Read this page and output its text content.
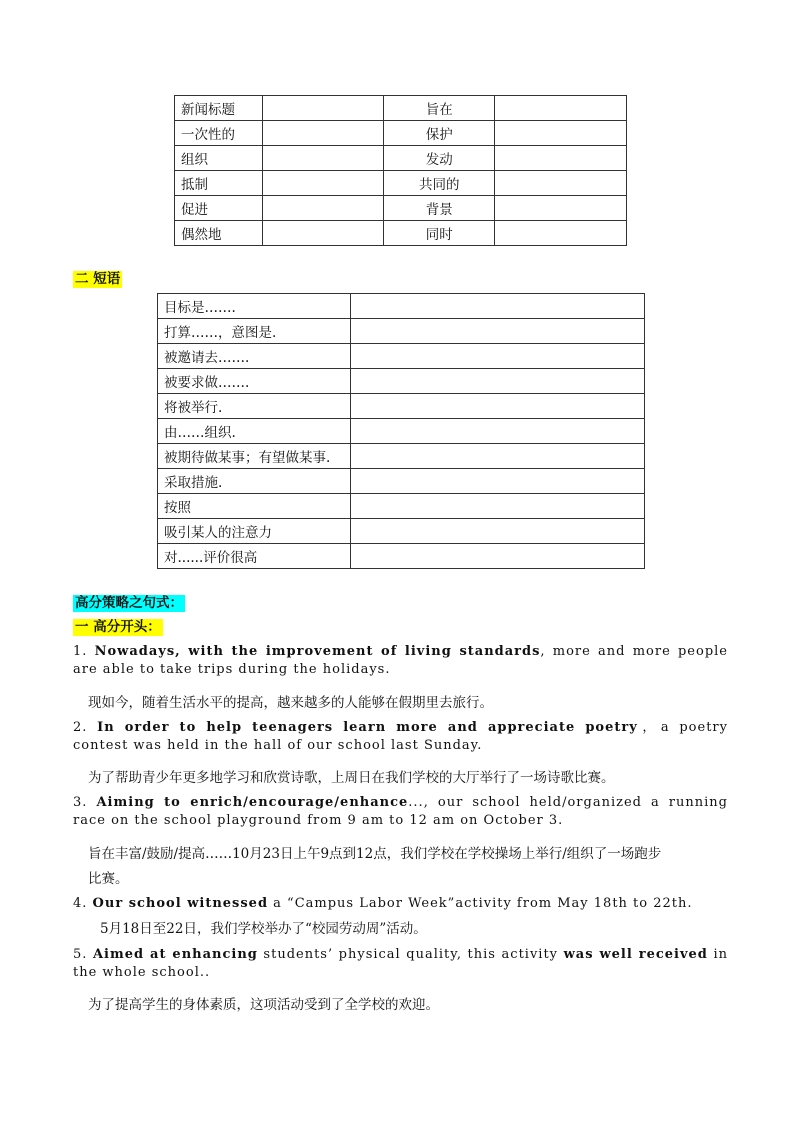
新闻标题		旨在	
一次性的		保护	
组织		发动	
抵制		共同的	
促进		背景	
偶然地		同时	
二 短语
目标是…….	
打算……，意图是.	
被邀请去…….	
被要求做…….	
将被举行.	
由……组织.	
被期待做某事；有望做某事.	
采取措施.	
按照	
吸引某人的注意力	
对......评价很高	
高分策略之句式：
一 高分开头：
1. Nowadays, with the improvement of living standards, more and more people are able to take trips during the holidays.
现如今，随着生活水平的提高，越来越多的人能够在假期里去旅行。
2. In order to help teenagers learn more and appreciate poetry，a poetry contest was held in the hall of our school last Sunday.
为了帮助青少年更多地学习和欣赏诗歌，上周日在我们学校的大厅举行了一场诗歌比赛。
3. Aiming to enrich/encourage/enhance..., our school held/organized a running race on the school playground from 9 am to 12 am on October 3.
旨在丰富/鼓励/提高……10月23日上午9点到12点，我们学校在学校操场上举行/组织了一场跑步
比赛。
4. Our school witnessed a “Campus Labor Week”activity from May 18th to 22th.
5月18日至22日，我们学校举办了“校园劳动周”活动。
5. Aimed at enhancing students’ physical quality, this activity was well received in the whole school..
为了提高学生的身体素质，这项活动受到了全学校的欢迎。
